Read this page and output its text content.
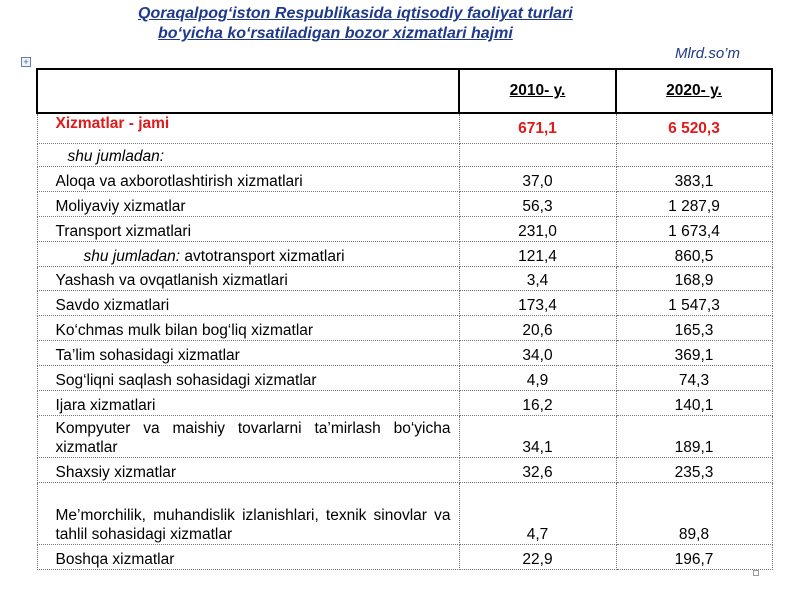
Qoraqalpog‘iston Respublikasida iqtisodiy faoliyat turlari
bo‘yicha ko‘rsatiladigan bozor xizmatlari hajmi
Mlrd.so’m
+
	2010- y.	2020- y.
Xizmatlar - jami	671,1	6 520,3
shu jumladan:		
Aloqa va axborotlashtirish xizmatlari	37,0	383,1
Moliyaviy xizmatlar	56,3	1 287,9
Transport xizmatlari	231,0	1 673,4
shu jumladan: avtotransport xizmatlari	121,4	860,5
Yashash va ovqatlanish xizmatlari	3,4	168,9
Savdo xizmatlari	173,4	1 547,3
Ko‘chmas mulk bilan bog‘liq xizmatlar	20,6	165,3
Ta’lim sohasidagi xizmatlar	34,0	369,1
Sog‘liqni saqlash sohasidagi xizmatlar	4,9	74,3
Ijara xizmatlari	16,2	140,1
Kompyuter va maishiy tovarlarni ta’mirlash bo‘yicha xizmatlar	34,1	189,1
Shaxsiy xizmatlar	32,6	235,3
Me’morchilik, muhandislik izlanishlari, texnik sinovlar va tahlil sohasidagi xizmatlar	4,7	89,8
Boshqa xizmatlar	22,9	196,7
